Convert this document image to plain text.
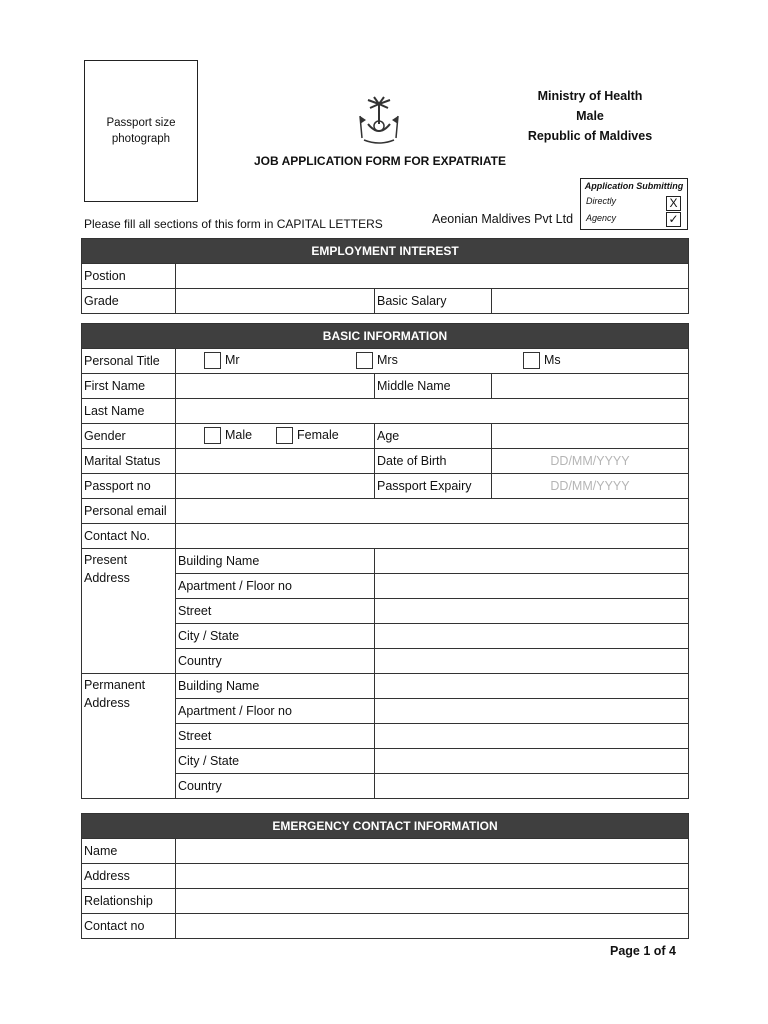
Passport size photograph
Ministry of Health
Male
Republic of Maldives
JOB APPLICATION FORM FOR EXPATRIATE
Application Submitting
Directly	X
Agency	✓
Please fill all sections of this form in CAPITAL LETTERS	Aeonian Maldives Pvt Ltd
EMPLOYMENT INTEREST			
Postion			
Grade		Basic Salary	
BASIC INFORMATION			
Personal Title	Mr Mrs Ms		

First Name		Middle Name	
Last Name			
Gender	Male Female	Age	
Marital Status		Date of Birth	DD/MM/YYYY
Passport no		Passport Expairy	DD/MM/YYYY
Personal email			
Contact No.			
Present Address	Building Name		
	Apartment / Floor no		
	Street		
	City / State		
	Country		
Permanent Address	Building Name		
	Apartment / Floor no		
	Street		
	City / State		
	Country		
EMERGENCY CONTACT INFORMATION	
Name	
Address	
Relationship	
Contact no	
Page 1 of 4
